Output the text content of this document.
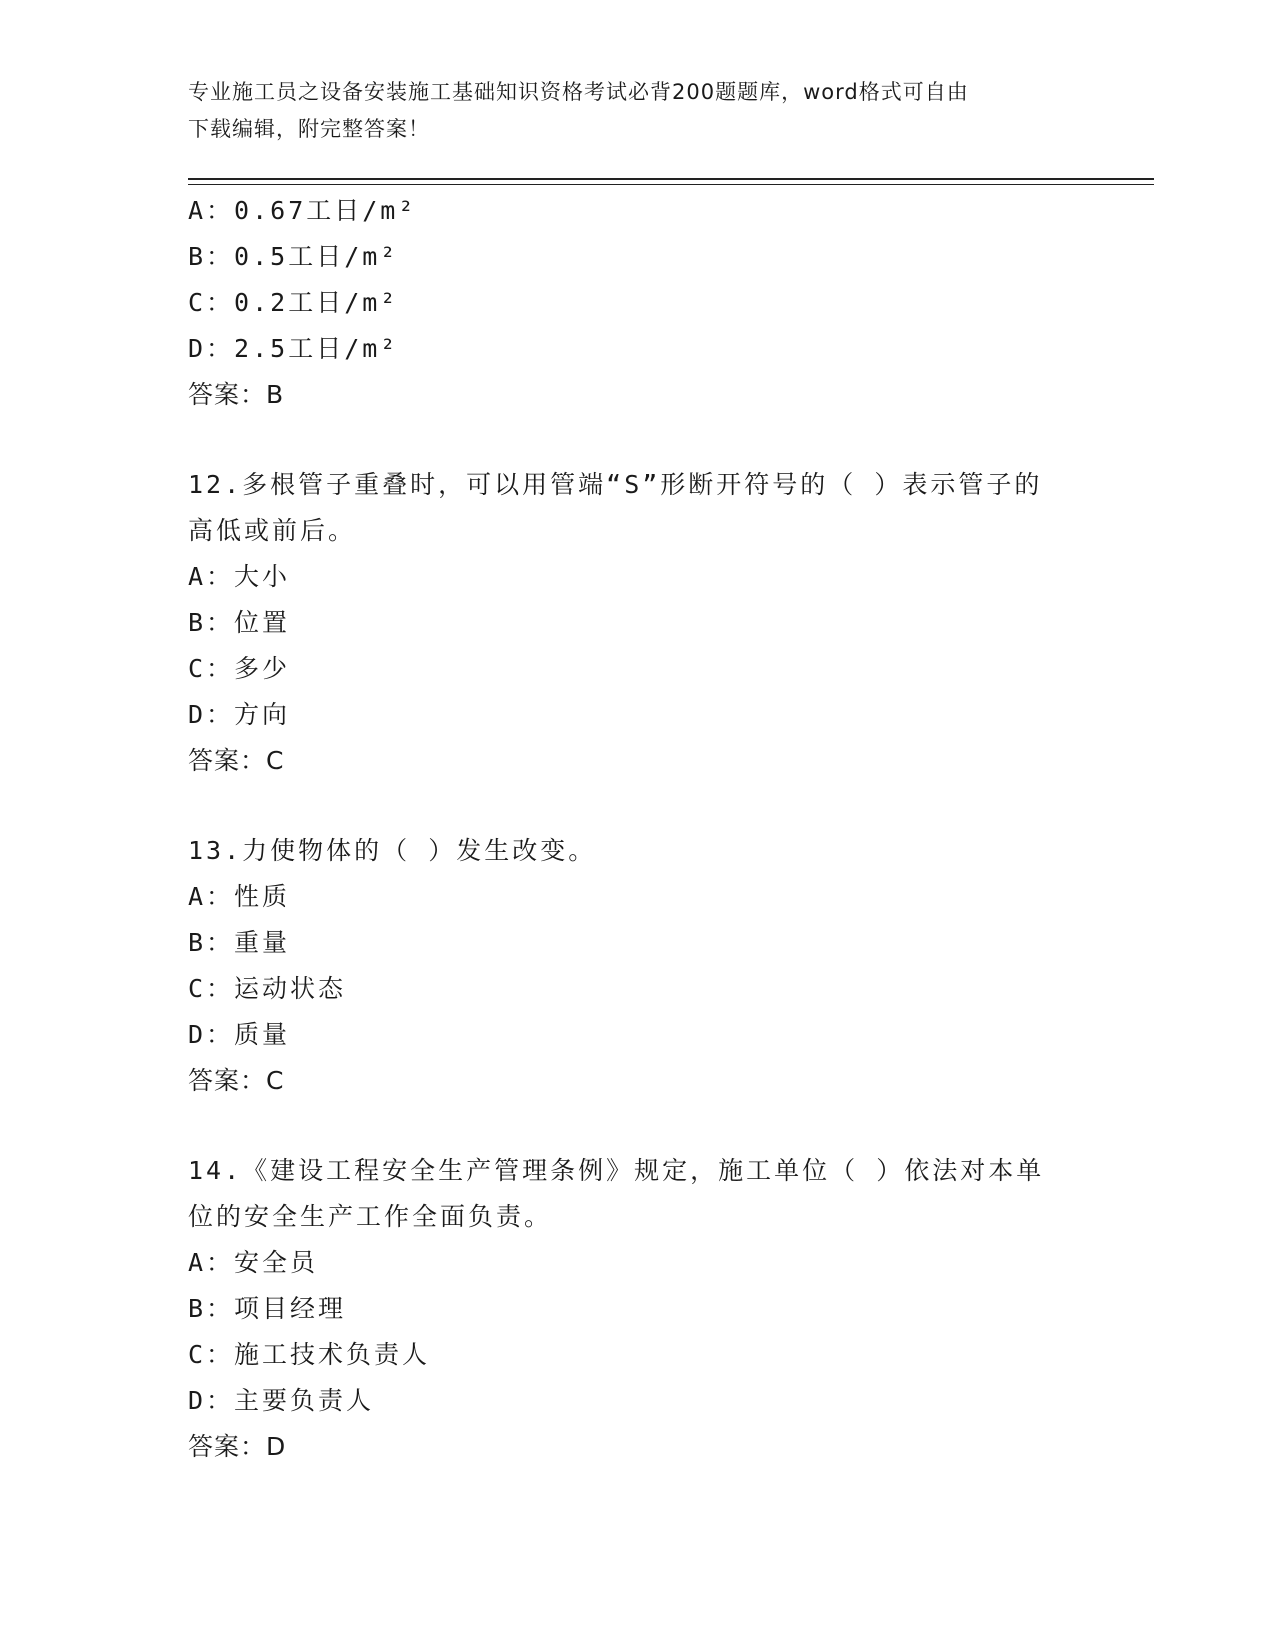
专业施工员之设备安装施工基础知识资格考试必背200题题库，word格式可自由
下载编辑，附完整答案！
A：0.67工日/m²
B：0.5工日/m²
C：0.2工日/m²
D：2.5工日/m²
答案：B
12.多根管子重叠时，可以用管端“S”形断开符号的（ ）表示管子的
高低或前后。
A：大小
B：位置
C：多少
D：方向
答案：C
13.力使物体的（ ）发生改变。
A：性质
B：重量
C：运动状态
D：质量
答案：C
14.《建设工程安全生产管理条例》规定，施工单位（ ）依法对本单
位的安全生产工作全面负责。
A：安全员
B：项目经理
C：施工技术负责人
D：主要负责人
答案：D
